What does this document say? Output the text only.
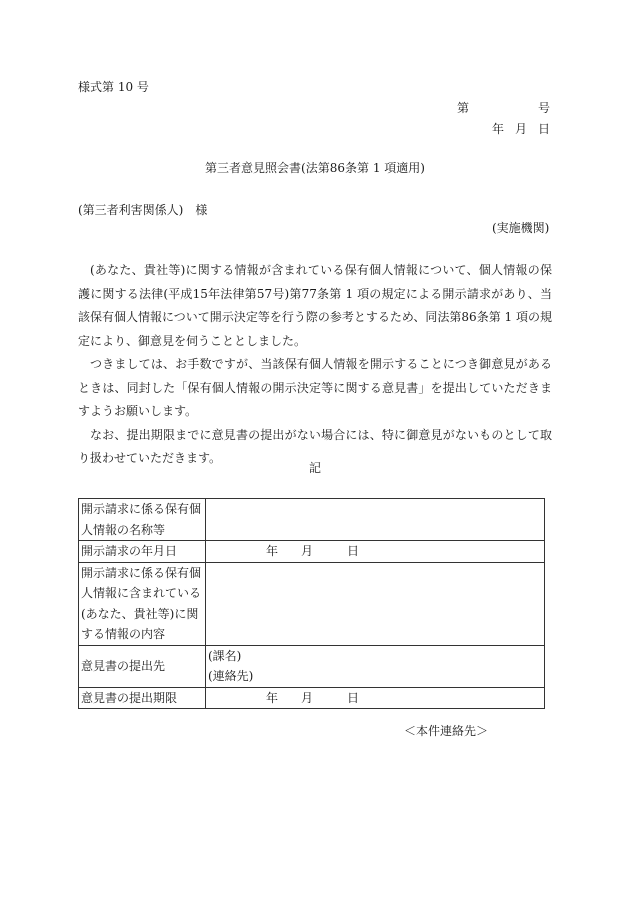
様式第 10 号
第	号
年 月 日
第三者意見照会書(法第86条第 1 項適用)
(第三者利害関係人)　様
(実施機関)

(あなた、貴社等)に関する情報が含まれている保有個人情報について、個人情報の保護に関する法律(平成15年法律第57号)第77条第 1 項の規定による開示請求があり、当該保有個人情報について開示決定等を行う際の参考とするため、同法第86条第 1 項の規定により、御意見を伺うこととしました。

つきましては、お手数ですが、当該保有個人情報を開示することにつき御意見があるときは、同封した「保有個人情報の開示決定等に関する意見書」を提出していただきますようお願いします。

なお、提出期限までに意見書の提出がない場合には、特に御意見がないものとして取り扱わせていただきます。

記
開示請求に係る保有個人情報の名称等	
開示請求の年月日	年 月 日

開示請求に係る保有個人情報に含まれている(あなた、貴社等)に関する情報の内容	
意見書の提出先	(課名)
(連絡先)

意見書の提出期限	年 月 日
＜本件連絡先＞
